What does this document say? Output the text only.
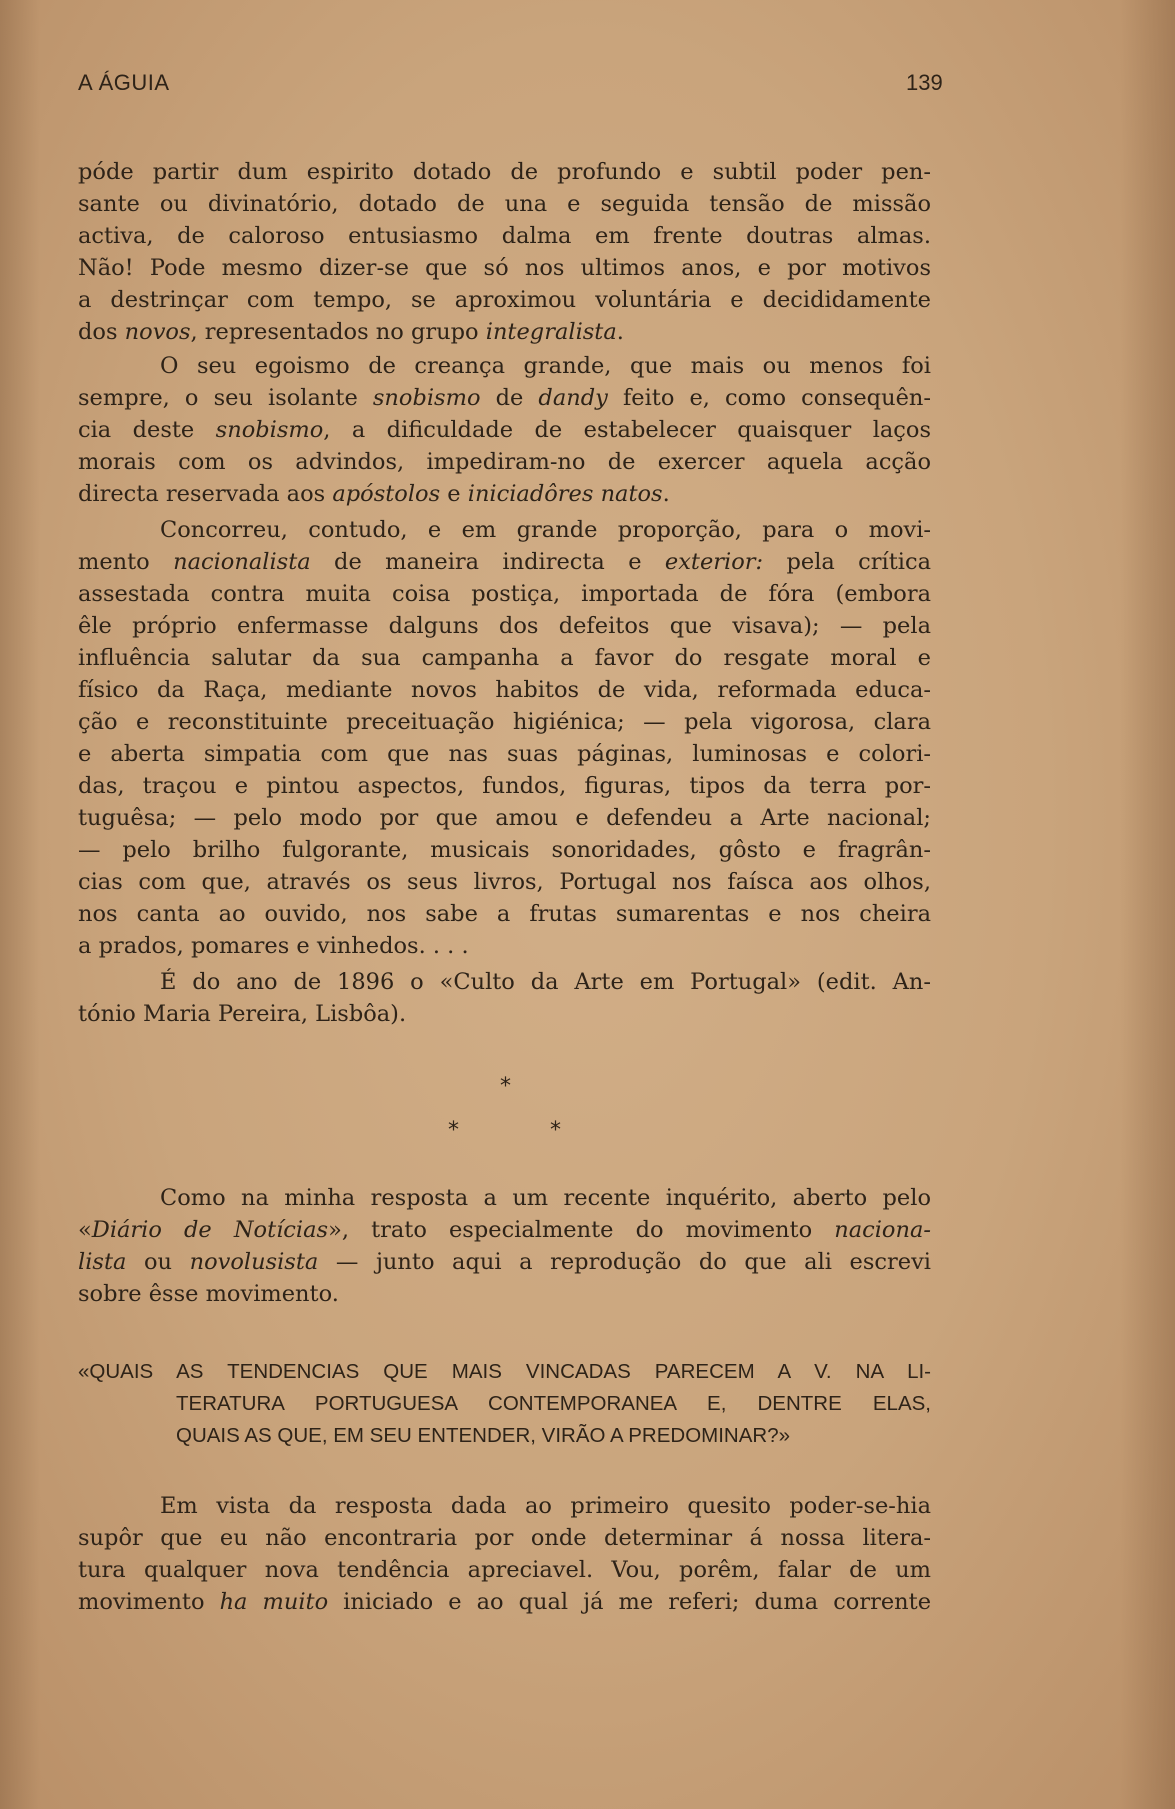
A ÁGUIA	139
póde partir dum espirito dotado de profundo e subtil poder pen-
sante ou divinatório, dotado de una e seguida tensão de missão
activa, de caloroso entusiasmo dalma em frente doutras almas.
Não! Pode mesmo dizer-se que só nos ultimos anos, e por motivos
a destrinçar com tempo, se aproximou voluntária e decididamente
dos novos, representados no grupo integralista.
O seu egoismo de creança grande, que mais ou menos foi
sempre, o seu isolante snobismo de dandy feito e, como consequên-
cia deste snobismo, a dificuldade de estabelecer quaisquer laços
morais com os advindos, impediram-no de exercer aquela acção
directa reservada aos apóstolos e iniciadôres natos.
Concorreu, contudo, e em grande proporção, para o movi-
mento nacionalista de maneira indirecta e exterior: pela crítica
assestada contra muita coisa postiça, importada de fóra (embora
êle próprio enfermasse dalguns dos defeitos que visava); — pela
influência salutar da sua campanha a favor do resgate moral e
físico da Raça, mediante novos habitos de vida, reformada educa-
ção e reconstituinte preceituação higiénica; — pela vigorosa, clara
e aberta simpatia com que nas suas páginas, luminosas e colori-
das, traçou e pintou aspectos, fundos, figuras, tipos da terra por-
tuguêsa; — pelo modo por que amou e defendeu a Arte nacional;
— pelo brilho fulgorante, musicais sonoridades, gôsto e fragrân-
cias com que, através os seus livros, Portugal nos faísca aos olhos,
nos canta ao ouvido, nos sabe a frutas sumarentas e nos cheira
a prados, pomares e vinhedos. . . .
É do ano de 1896 o «Culto da Arte em Portugal» (edit. An-
tónio Maria Pereira, Lisbôa).
*
*	*
Como na minha resposta a um recente inquérito, aberto pelo
«Diário de Notícias», trato especialmente do movimento naciona-
lista ou novolusista — junto aqui a reprodução do que ali escrevi
sobre êsse movimento.
«QUAIS AS TENDENCIAS QUE MAIS VINCADAS PARECEM A V. NA LI-
TERATURA PORTUGUESA CONTEMPORANEA E, DENTRE ELAS,
QUAIS AS QUE, EM SEU ENTENDER, VIRÃO A PREDOMINAR?»
Em vista da resposta dada ao primeiro quesito poder-se-hia
supôr que eu não encontraria por onde determinar á nossa litera-
tura qualquer nova tendência apreciavel. Vou, porêm, falar de um
movimento ha muito iniciado e ao qual já me referi; duma corrente
